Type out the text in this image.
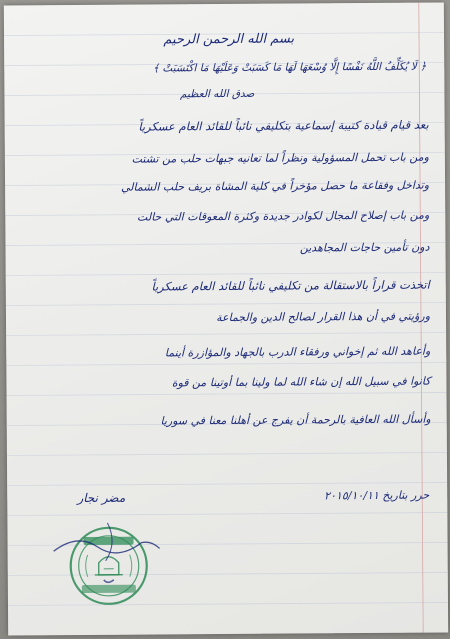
بسم الله الرحمن الرحيم
﴿ لَا يُكَلِّفُ اللَّهُ نَفْسًا إِلَّا وُسْعَهَا لَهَا مَا كَسَبَتْ وَعَلَيْهَا مَا اكْتَسَبَتْ ﴾
صدق الله العظيم
بعد قيام قيادة كتيبة إسماعية بتكليفي نائباً للقائد العام عسكرياً
ومن باب تحمل المسؤولية ونظراً لما تعانيه جبهات حلب من تشتت
وتداخل وفقاعة ما حصل مؤخراً في كلية المشاة بريف حلب الشمالي
ومن باب إصلاح المجال لكوادر جديدة وكثرة المعوقات التي حالت
دون تأمين حاجات المجاهدين
اتخذت قراراً بالاستقالة من تكليفي نائباً للقائد العام عسكرياً
ورؤيتي في أن هذا القرار لصالح الدين والجماعة
وأعاهد الله ثم إخواني ورفقاء الدرب بالجهاد والمؤازرة أينما
كانوا في سبيل الله إن شاء الله لما ولينا بما أوتينا من قوة
وأسأل الله العافية بالرحمة أن يفرج عن أهلنا معنا في سوريا
حرر بتاريخ ٢٠١٥/١٠/١١
مضر نجار
